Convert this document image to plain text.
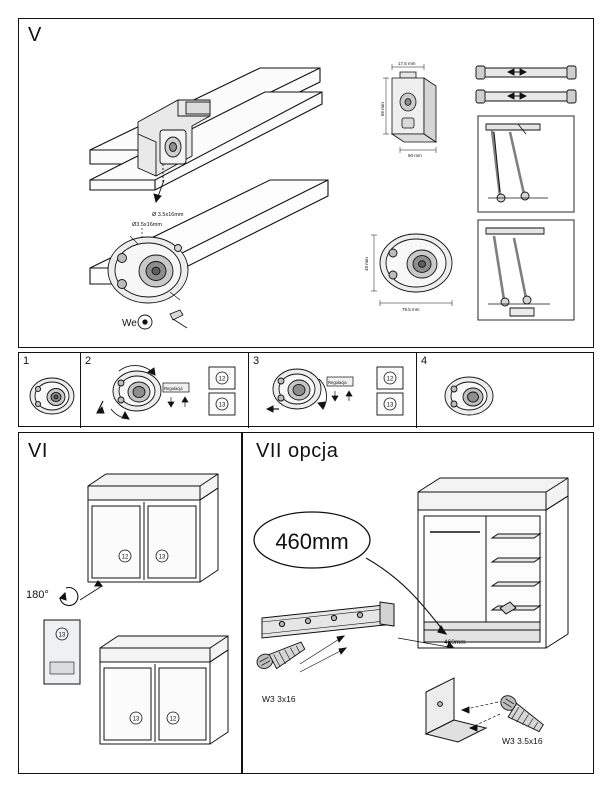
V
Ø 3.5x16mm
Ø3.5x16mm
We
17.5 mm
66 mm
60 mm
48 mm
79.5 mm
1	2
Regulacja
12
13
3
Regulacja	12
13
4
VI
12	13
180°
13
13	12
VII opcja
460mm
460mm
W3 3x16
W3 3.5x16
